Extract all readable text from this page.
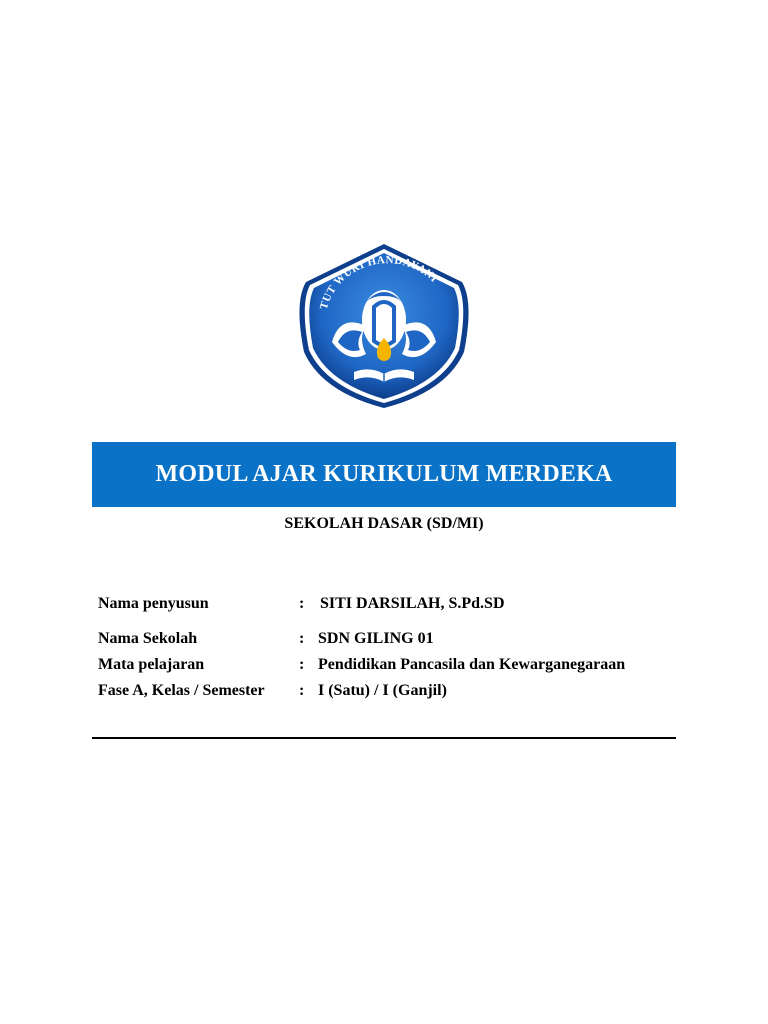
TUT WURI HANDAYANI
MODUL AJAR KURIKULUM MERDEKA
SEKOLAH DASAR (SD/MI)
Nama penyusun	: SITI DARSILAH, S.Pd.SD
Nama Sekolah	: SDN GILING 01
Mata pelajaran	: Pendidikan Pancasila dan Kewarganegaraan
Fase A, Kelas / Semester : I (Satu) / I (Ganjil)
